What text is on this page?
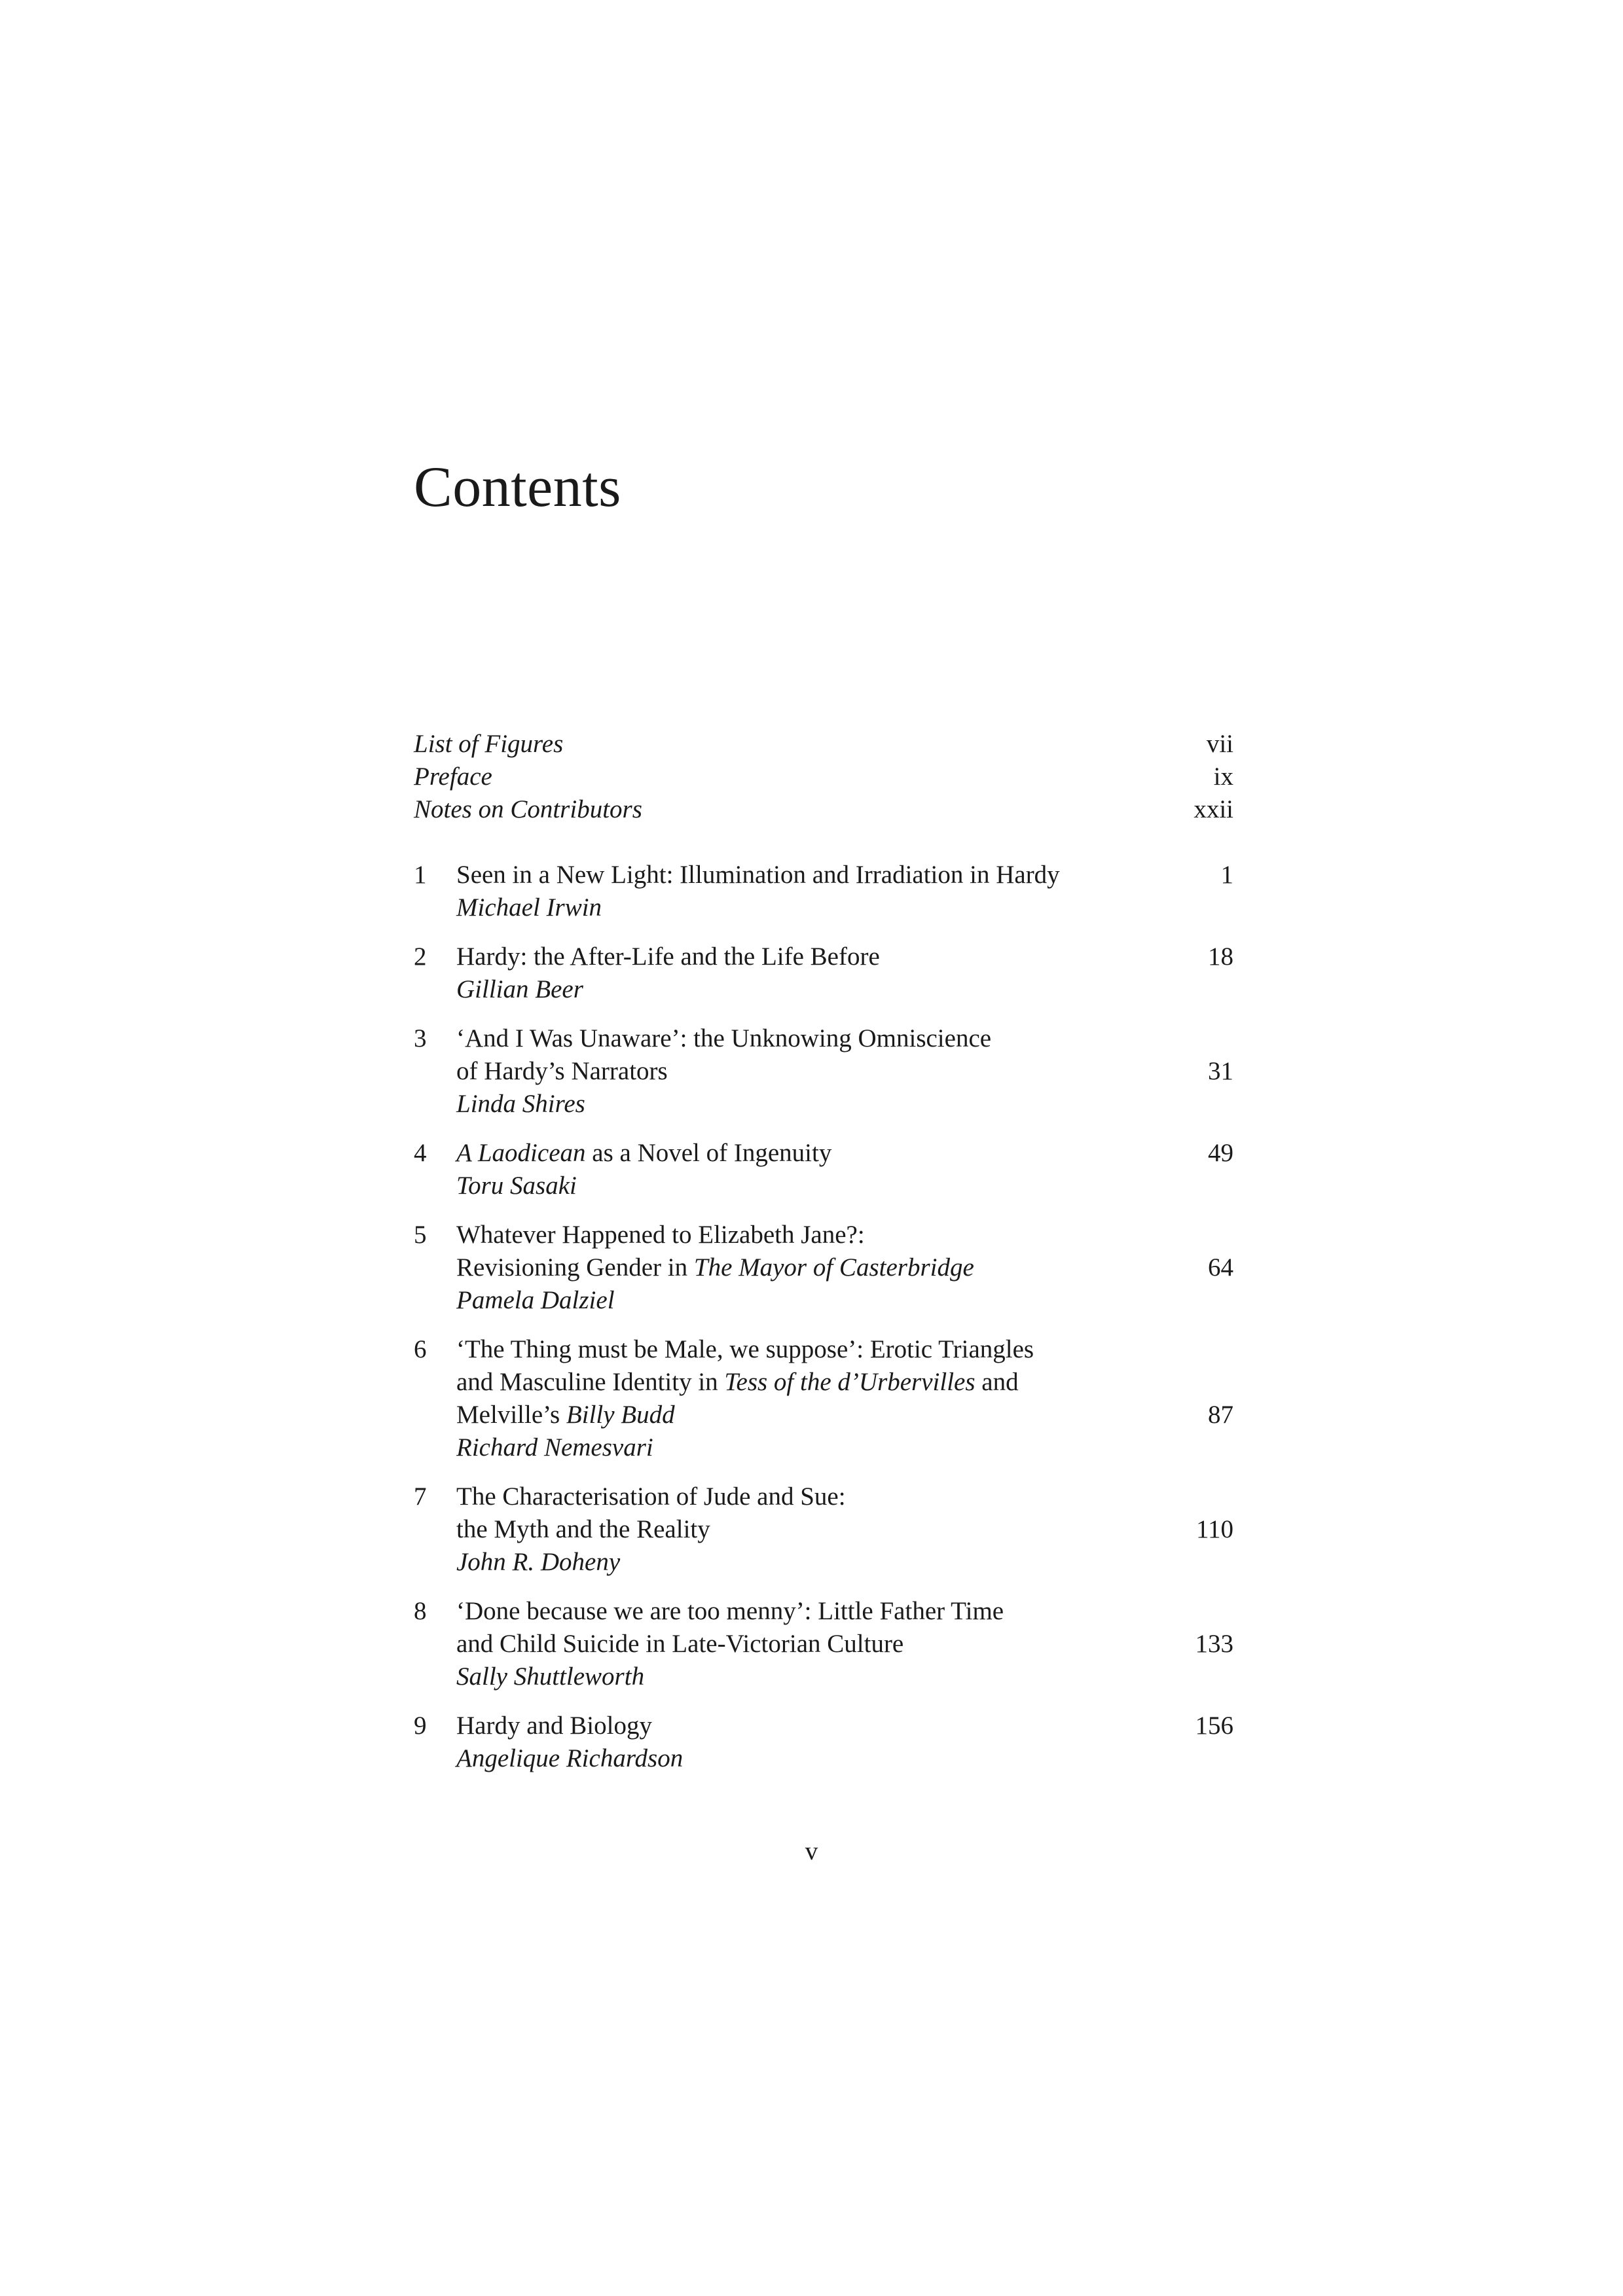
Contents
List of Figures	vii
Preface	ix
Notes on Contributors	xxii
1	Seen in a New Light: Illumination and Irradiation in Hardy	1
Michael Irwin
2	Hardy: the After-Life and the Life Before	18
Gillian Beer
3	‘And I Was Unaware’: the Unknowing Omniscience
of Hardy’s Narrators	31
Linda Shires
4	A Laodicean as a Novel of Ingenuity	49
Toru Sasaki
5	Whatever Happened to Elizabeth Jane?:
Revisioning Gender in The Mayor of Casterbridge	64
Pamela Dalziel
6	‘The Thing must be Male, we suppose’: Erotic Triangles
and Masculine Identity in Tess of the d’Urbervilles and
Melville’s Billy Budd	87
Richard Nemesvari
7	The Characterisation of Jude and Sue:
the Myth and the Reality	110
John R. Doheny
8	‘Done because we are too menny’: Little Father Time
and Child Suicide in Late-Victorian Culture	133
Sally Shuttleworth
9	Hardy and Biology	156
Angelique Richardson
v
